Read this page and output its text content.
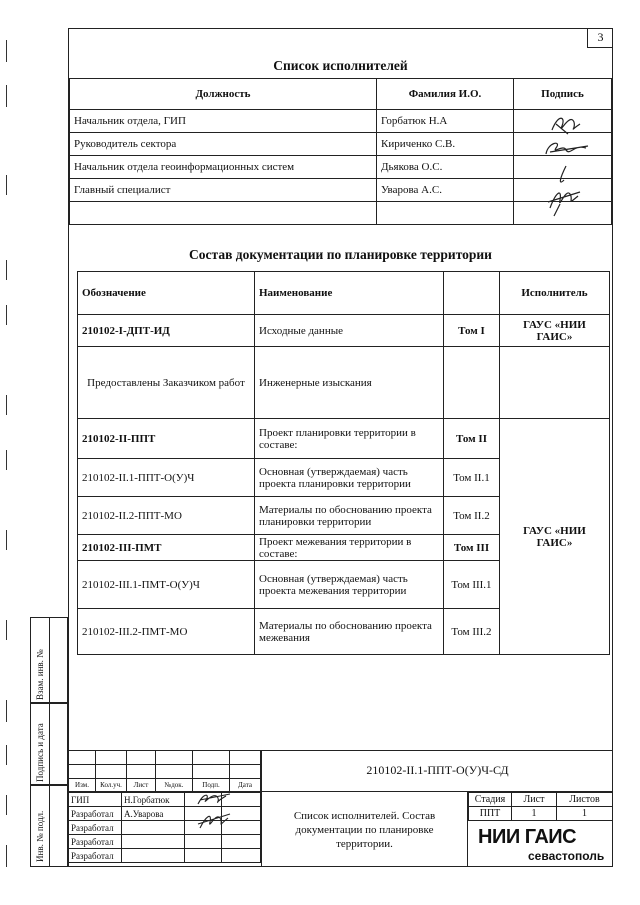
3
Взам. инв. №
Подпись и дата
Инв. № подл.
Список исполнителей
Должность	Фамилия И.О.	Подпись
Начальник отдела, ГИП	Горбатюк Н.А	
Руководитель сектора	Кириченко С.В.	
Начальник отдела геоинформационных систем	Дьякова О.С.	
Главный специалист	Уварова А.С.	

Состав документации по планировке территории
Обозначение	Наименование		Исполнитель
210102-I-ДПТ-ИД	Исходные данные	Том I	ГАУС «НИИ ГАИС»
Предоставлены Заказчиком работ	Инженерные изыскания		
210102-II-ППТ	Проект планировки территории в составе:	Том II	ГАУС «НИИ ГАИС»
210102-II.1-ППТ-О(У)Ч	Основная (утверждаемая) часть проекта планировки территории	Том II.1	
210102-II.2-ППТ-МО	Материалы по обоснованию проекта планировки территории	Том II.2	
210102-III-ПМТ	Проект межевания территории в составе:	Том III	
210102-III.1-ПМТ-О(У)Ч	Основная (утверждаемая) часть проекта межевания территории	Том III.1	
210102-III.2-ПМТ-МО	Материалы по обоснованию проекта межевания	Том III.2	

Изм.	Кол.уч.	Лист	№док.	Подп.	Дата
210102-II.1-ППТ-О(У)Ч-СД
ГИП	Н.Горбатюк		
Разработал	А.Уварова		
Разработал			
Разработал			
Разработал			
Список исполнителей. Состав документации по планировке территории.
Стадия	Лист	Листов
ППТ	1	1
НИИ ГАИС
севастополь
